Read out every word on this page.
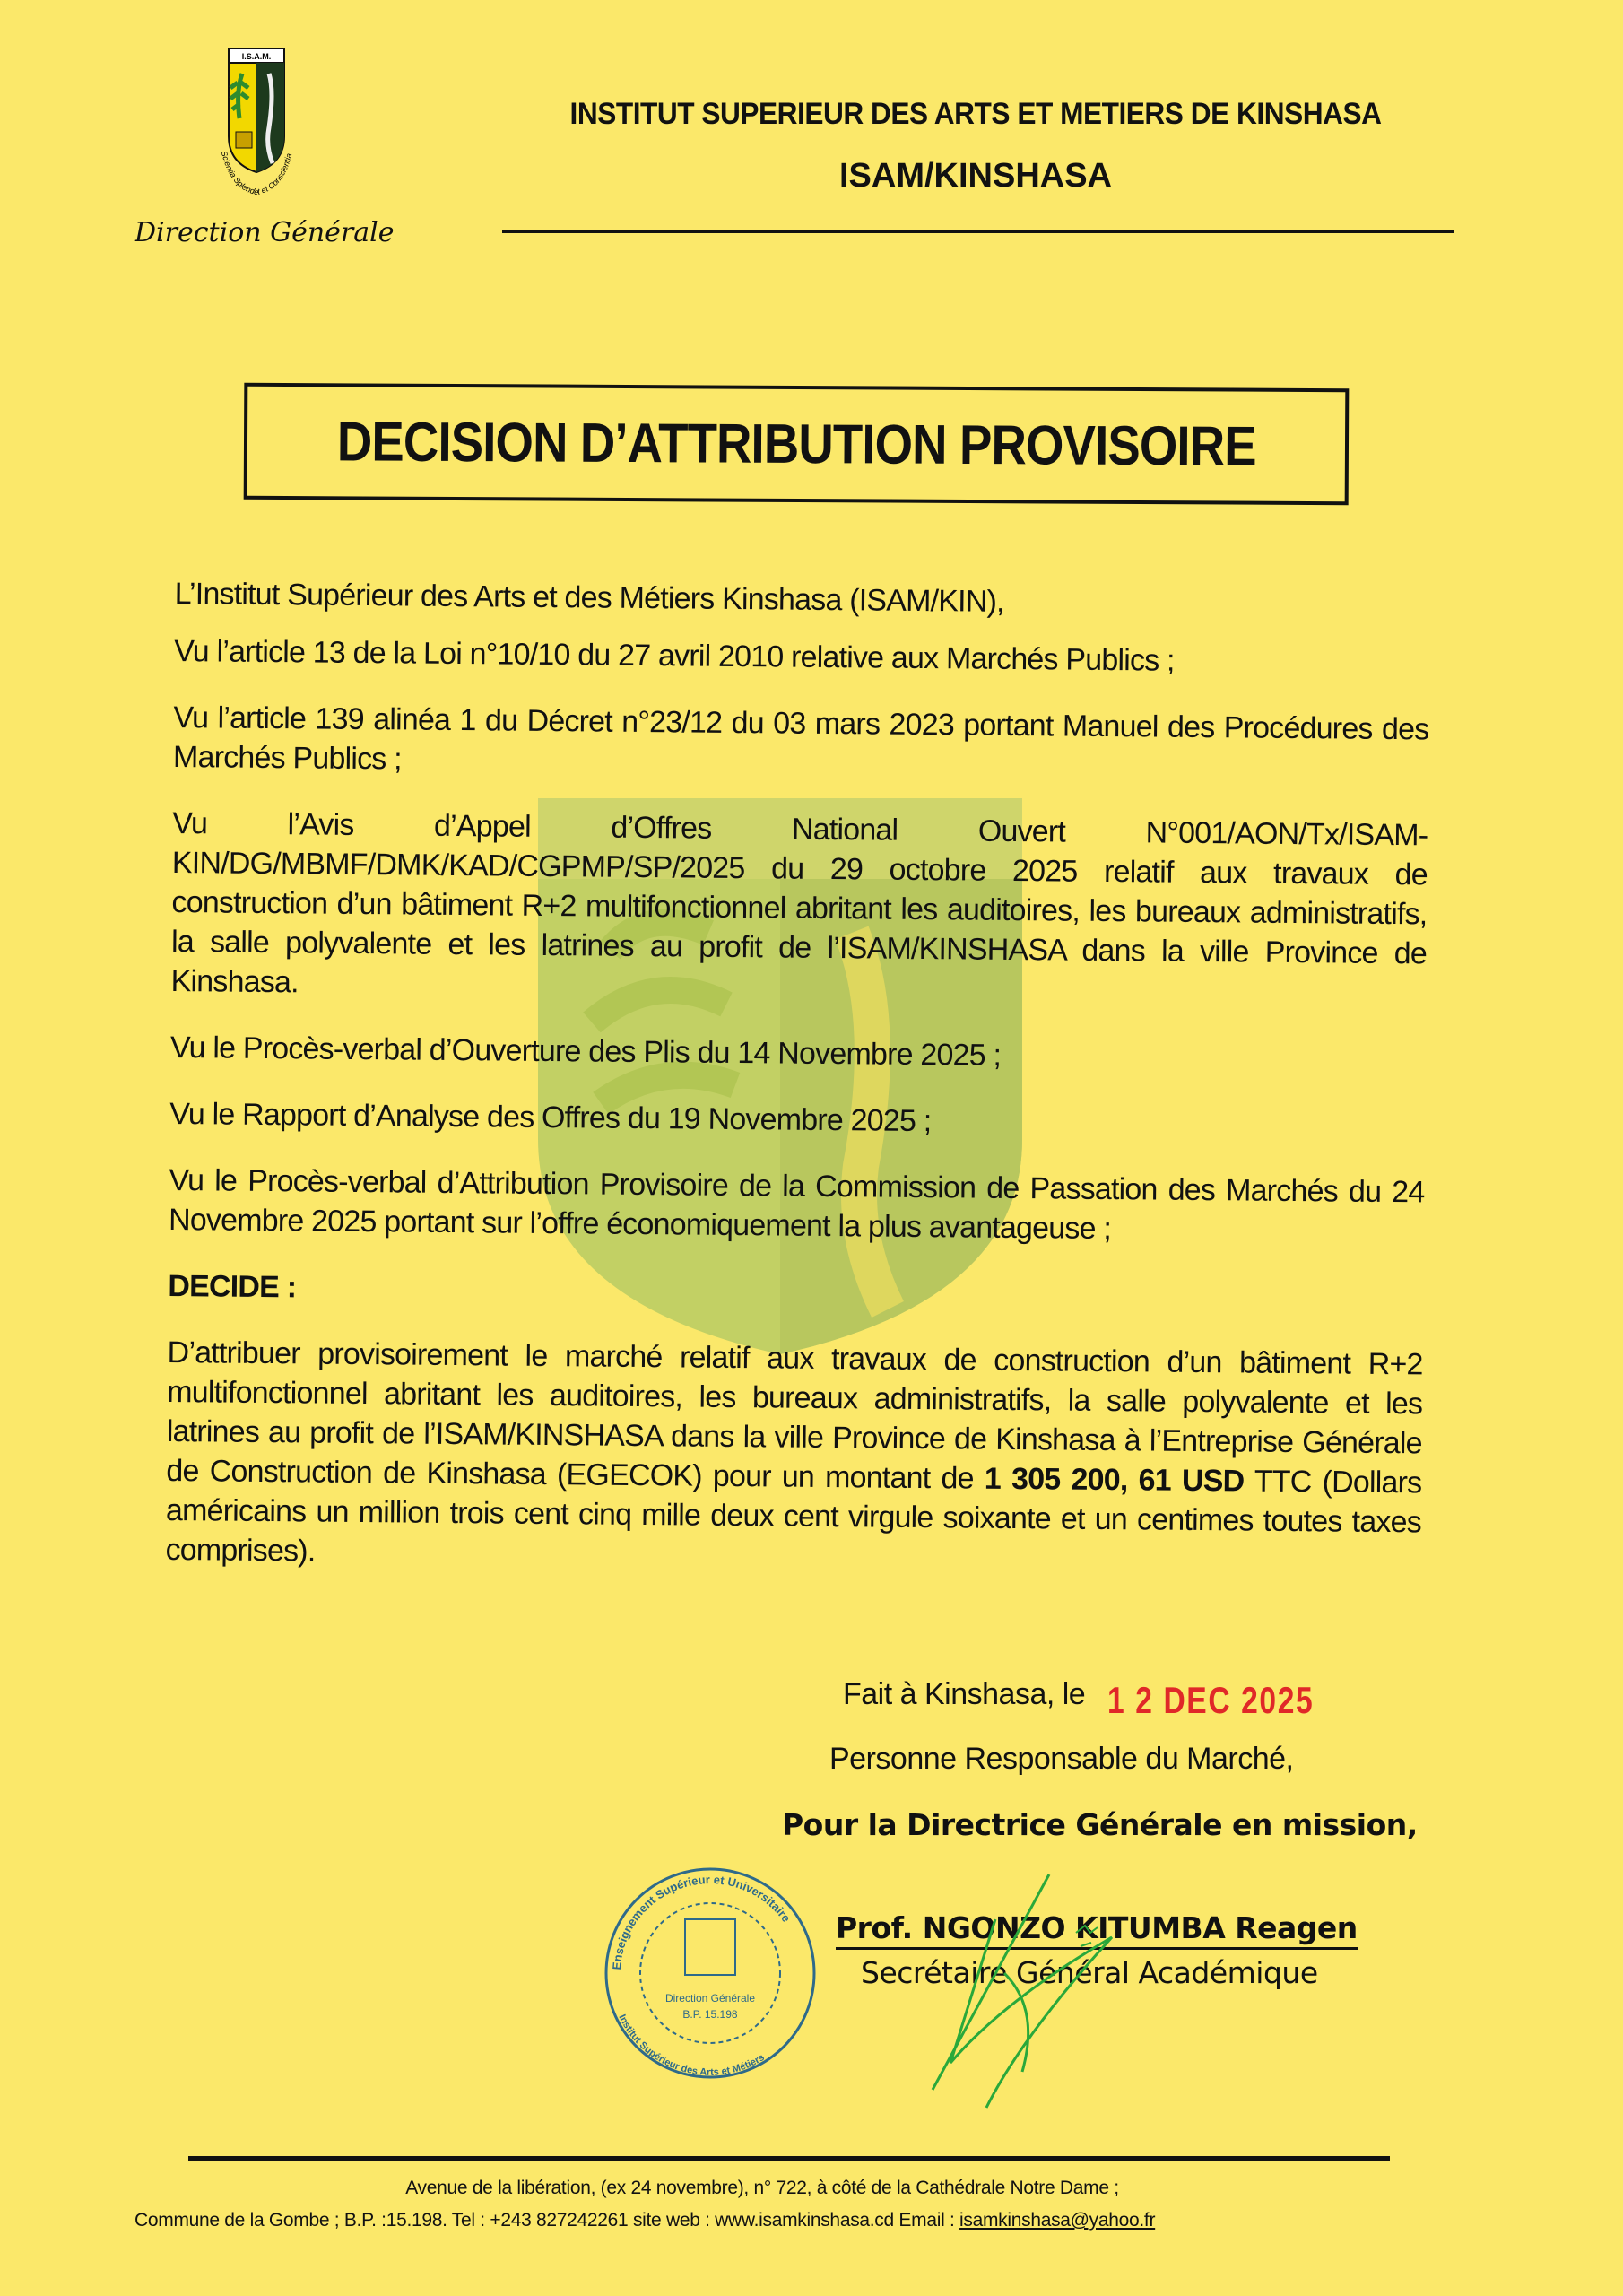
I.S.A.M.
Scientia Splendet et Conscientia
Direction Générale
INSTITUT SUPERIEUR DES ARTS ET METIERS DE KINSHASA
ISAM/KINSHASA
DECISION D’ATTRIBUTION PROVISOIRE

L’Institut Supérieur des Arts et des Métiers Kinshasa (ISAM/KIN),

Vu l’article 13 de la Loi n°10/10 du 27 avril 2010 relative aux Marchés Publics ;

Vu l’article 139 alinéa 1 du Décret n°23/12 du 03 mars 2023 portant Manuel des Procédures des Marchés Publics ;

Vu l’Avis d’Appel d’Offres National Ouvert N°001/AON/Tx/ISAM-KIN/DG/MBMF/DMK/KAD/CGPMP/SP/2025 du 29 octobre 2025 relatif aux travaux de construction d’un bâtiment R+2 multifonctionnel abritant les auditoires, les bureaux administratifs, la salle polyvalente et les latrines au profit de l’ISAM/KINSHASA dans la ville Province de Kinshasa.

Vu le Procès-verbal d’Ouverture des Plis du 14 Novembre 2025 ;

Vu le Rapport d’Analyse des Offres du 19 Novembre 2025 ;

Vu le Procès-verbal d’Attribution Provisoire de la Commission de Passation des Marchés du 24 Novembre 2025 portant sur l’offre économiquement la plus avantageuse ;

DECIDE :

D’attribuer provisoirement le marché relatif aux travaux de construction d’un bâtiment R+2 multifonctionnel abritant les auditoires, les bureaux administratifs, la salle polyvalente et les latrines au profit de l’ISAM/KINSHASA dans la ville Province de Kinshasa à l’Entreprise Générale de Construction de Kinshasa (EGECOK) pour un montant de 1 305 200, 61 USD TTC (Dollars américains un million trois cent cinq mille deux cent virgule soixante et un centimes toutes taxes comprises).

Enseignement Supérieur et Universitaire
Institut Supérieur des Arts et Métiers
Direction Générale
B.P. 15.198
Fait à Kinshasa, le 1 2 DEC 2025
Personne Responsable du Marché,
Pour la Directrice Générale en mission,
Prof. NGONZO KITUMBA Reagen
Secrétaire Général Académique
Avenue de la libération, (ex 24 novembre), n° 722, à côté de la Cathédrale Notre Dame ;
Commune de la Gombe ; B.P. :15.198. Tel : +243 827242261 site web : www.isamkinshasa.cd Email : isamkinshasa@yahoo.fr
